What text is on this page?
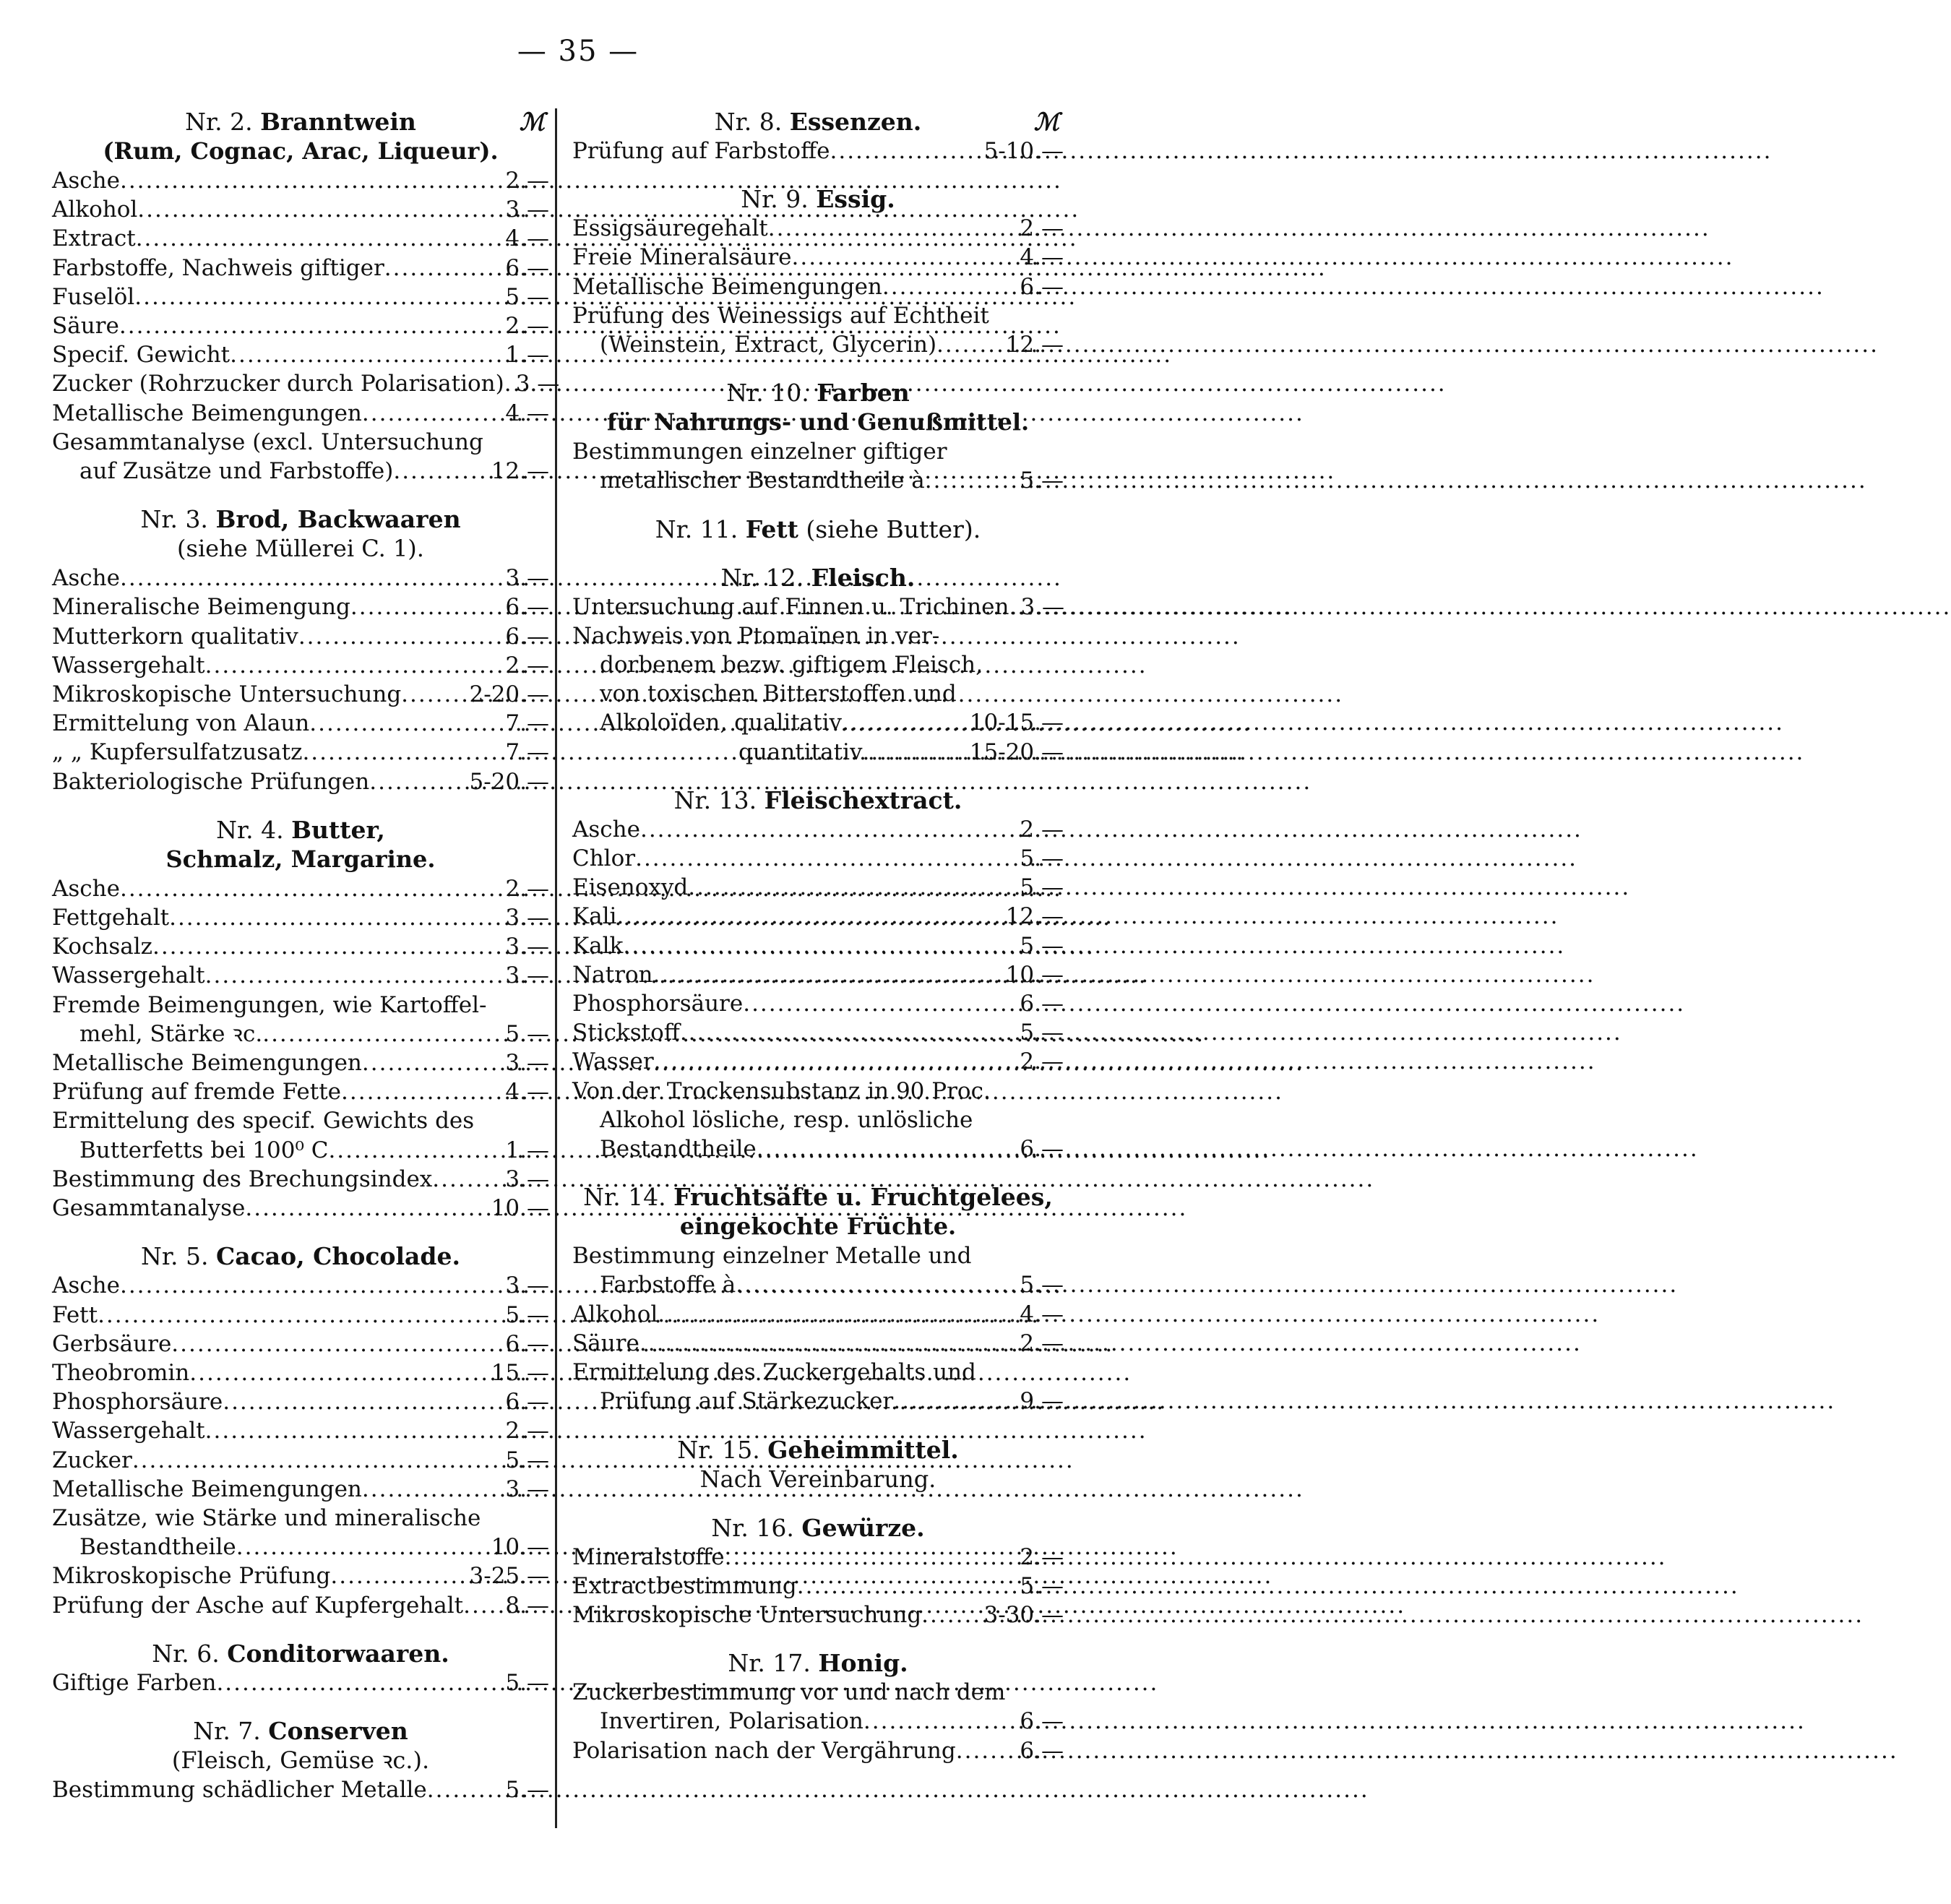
— 35 —
Nr. 2. Branntwein	ℳ
(Rum, Cognac, Arac, Liqueur).
Asche .....	2.—
Alkohol .....	3.—
Extract .....	4.—
Farbstoffe, Nachweis giftiger .....	6.—
Fuselöl .....	5.—
Säure .....	2.—
Specif. Gewicht .....	1.—
Zucker (Rohrzucker durch Polarisation) ..... 3.—
Metallische Beimengungen .....	4.—
Gesammtanalyse (excl. Untersuchung
auf Zusätze und Farbstoffe) .....	12.—
Nr. 3. Brod, Backwaaren
(siehe Müllerei C. 1).
Asche .....	3.—
Mineralische Beimengung .....	6.—
Mutterkorn qualitativ .....	6.—
Wassergehalt .....	2.—
Mikroskopische Untersuchung .....	2-20.—
Ermittelung von Alaun .....	7.—
„ „ Kupfersulfatzusatz .....	7.—
Bakteriologische Prüfungen .....	5-20.—
Nr. 4. Butter,
Schmalz, Margarine.
Asche .....	2.—
Fettgehalt .....	3.—
Kochsalz .....	3.—
Wassergehalt .....	3.—
Fremde Beimengungen, wie Kartoffel-
mehl, Stärke ꝛc. .....	5.—
Metallische Beimengungen .....	3.—
Prüfung auf fremde Fette .....	4.—
Ermittelung des specif. Gewichts des
Butterfetts bei 100⁰ C .....	1.—
Bestimmung des Brechungsindex .....	3.—
Gesammtanalyse .....	10.—
Nr. 5. Cacao, Chocolade.
Asche .....	3.—
Fett .....	5.—
Gerbsäure .....	6.—
Theobromin .....	15.—
Phosphorsäure .....	6.—
Wassergehalt .....	2.—
Zucker .....	5.—
Metallische Beimengungen .....	3.—
Zusätze, wie Stärke und mineralische
Bestandtheile .....	10.—
Mikroskopische Prüfung .....	3-25.—
Prüfung der Asche auf Kupfergehalt ..... 8.—
Nr. 6. Conditorwaaren.
Giftige Farben .....	5.—
Nr. 7. Conserven
(Fleisch, Gemüse ꝛc.).
Bestimmung schädlicher Metalle .....	5.—
Nr. 8. Essenzen.	ℳ
Prüfung auf Farbstoffe .....	5-10.—
Nr. 9. Essig.
Essigsäuregehalt .....	2.—
Freie Mineralsäure .....	4.—
Metallische Beimengungen .....	6.—
Prüfung des Weinessigs auf Echtheit
(Weinstein, Extract, Glycerin) .....	12.—
Nr. 10. Farben
für Nahrungs- und Genußmittel.
Bestimmungen einzelner giftiger
metallischer Bestandtheile à .....	5.—
Nr. 11. Fett (siehe Butter).
Nr. 12. Fleisch.
Untersuchung auf Finnen u. Trichinen ..... 3.—
Nachweis von Ptomaïnen in ver-
dorbenem bezw. giftigem Fleisch,
von toxischen Bitterstoffen und
Alkoloïden, qualitativ .....	10-15.—
quantitativ .....	15-20.—
Nr. 13. Fleischextract.
Asche .....	2.—
Chlor .....	5.—
Eisenoxyd .....	5.—
Kali .....	12.—
Kalk .....	5.—
Natron .....	10.—
Phosphorsäure .....	6.—
Stickstoff .....	5.—
Wasser .....	2.—
Von der Trockensubstanz in 90 Proc.
Alkohol lösliche, resp. unlösliche
Bestandtheile .....	6.—
Nr. 14. Fruchtsäfte u. Fruchtgelees,
eingekochte Früchte.
Bestimmung einzelner Metalle und
Farbstoffe à .....	5.—
Alkohol .....	4.—
Säure .....	2.—
Ermittelung des Zuckergehalts und
Prüfung auf Stärkezucker .....	9.—
Nr. 15. Geheimmittel.
Nach Vereinbarung.
Nr. 16. Gewürze.
Mineralstoffe .....	2.—
Extractbestimmung .....	5.—
Mikroskopische Untersuchung .....	3-30.—
Nr. 17. Honig.
Zuckerbestimmung vor und nach dem
Invertiren, Polarisation .....	6.—
Polarisation nach der Vergährung .....	6.—
